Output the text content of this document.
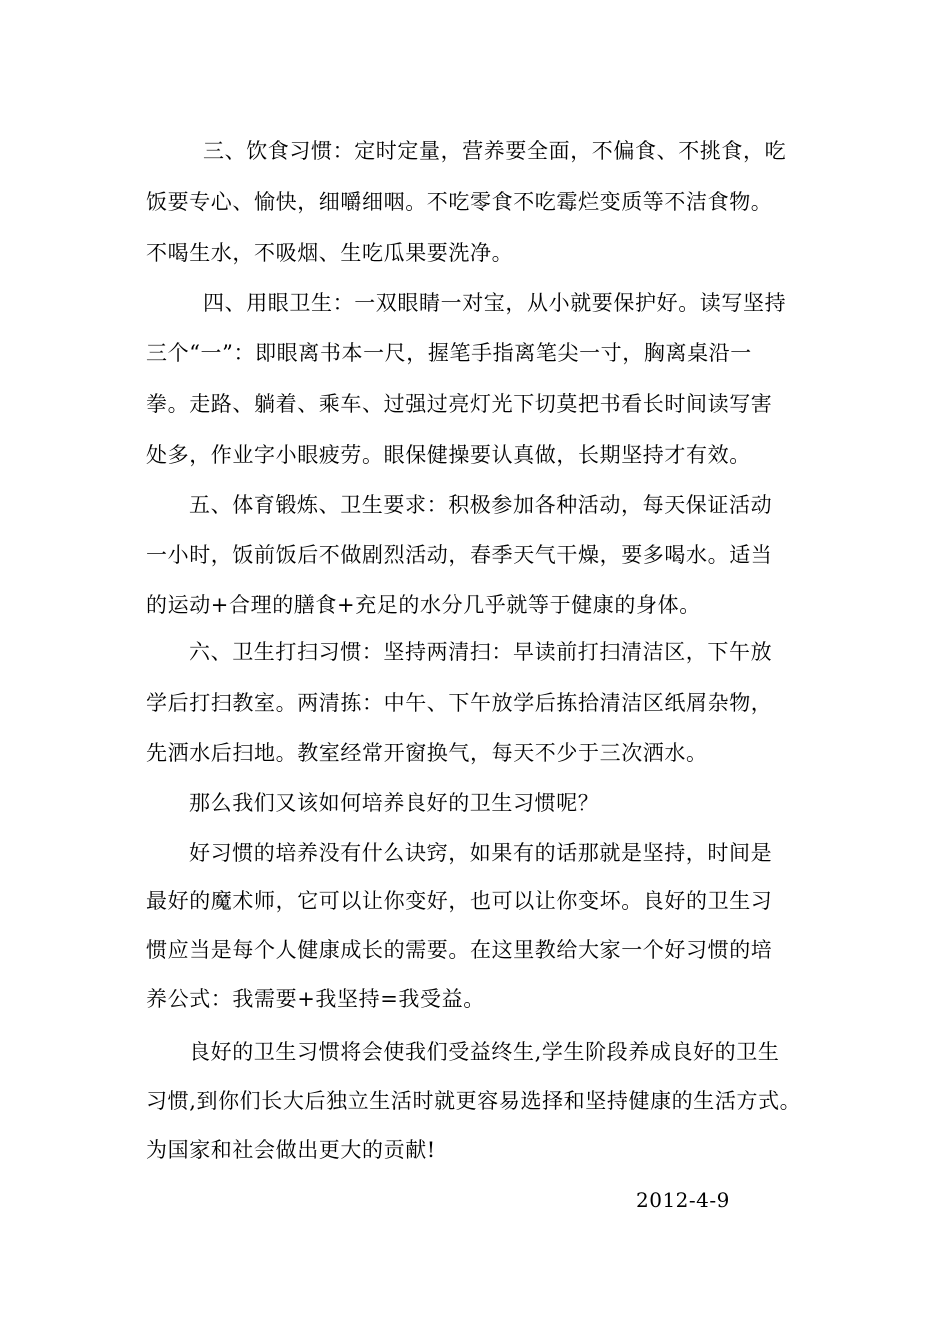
三、饮食习惯：定时定量，营养要全面，不偏食、不挑食，吃
饭要专心、愉快，细嚼细咽。不吃零食不吃霉烂变质等不洁食物。
不喝生水，不吸烟、生吃瓜果要洗净。
四、用眼卫生：一双眼睛一对宝，从小就要保护好。读写坚持
三个“一”：即眼离书本一尺，握笔手指离笔尖一寸，胸离桌沿一
拳。走路、躺着、乘车、过强过亮灯光下切莫把书看长时间读写害
处多，作业字小眼疲劳。眼保健操要认真做，长期坚持才有效。
五、体育锻炼、卫生要求：积极参加各种活动，每天保证活动
一小时，饭前饭后不做剧烈活动，春季天气干燥，要多喝水。适当
的运动+合理的膳食+充足的水分几乎就等于健康的身体。
六、卫生打扫习惯：坚持两清扫：早读前打扫清洁区，下午放
学后打扫教室。两清拣：中午、下午放学后拣拾清洁区纸屑杂物，
先洒水后扫地。教室经常开窗换气，每天不少于三次洒水。
那么我们又该如何培养良好的卫生习惯呢？
好习惯的培养没有什么诀窍，如果有的话那就是坚持，时间是
最好的魔术师，它可以让你变好，也可以让你变坏。良好的卫生习
惯应当是每个人健康成长的需要。在这里教给大家一个好习惯的培
养公式：我需要+我坚持=我受益。
良好的卫生习惯将会使我们受益终生,学生阶段养成良好的卫生
习惯,到你们长大后独立生活时就更容易选择和坚持健康的生活方式。
为国家和社会做出更大的贡献!
2012-4-9
